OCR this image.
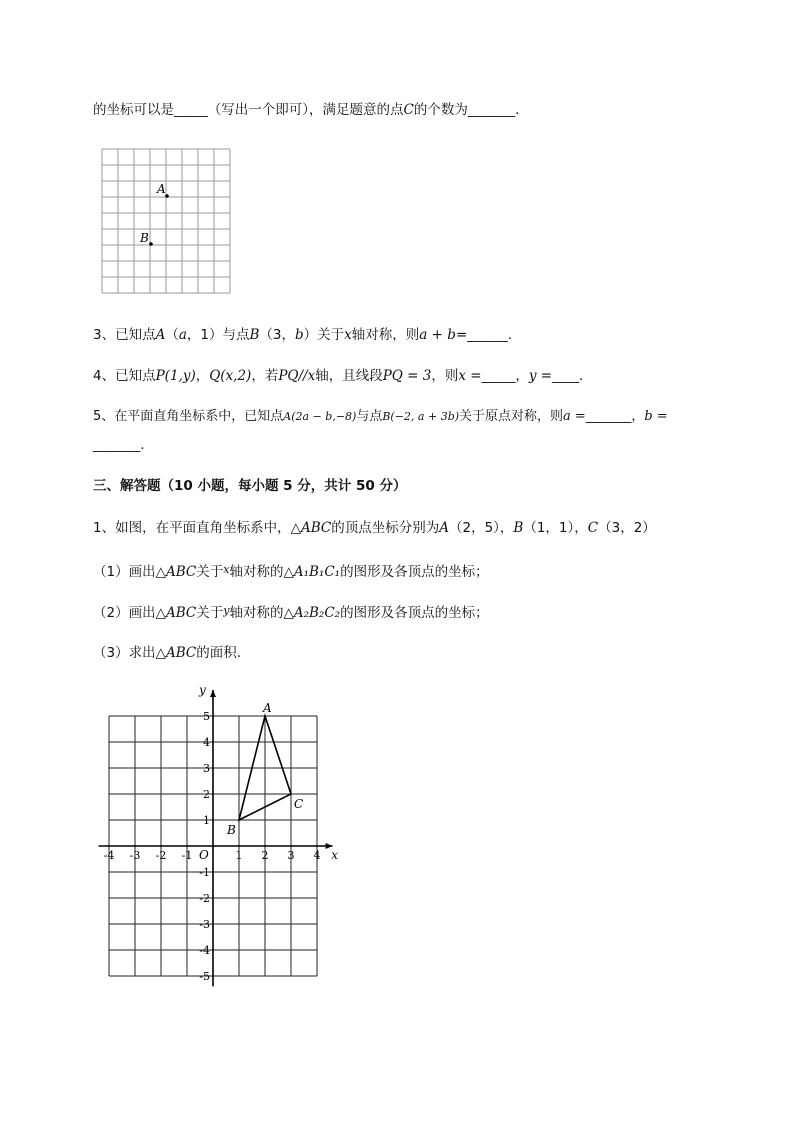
的坐标可以是_____（写出一个即可），满足题意的点C的个数为_______.
A
B
3、已知点A（a，1）与点B（3，b）关于x轴对称，则a + b=______.
4、已知点P(1,y)，Q(x,2)，若PQ//x轴，且线段PQ = 3，则x =_____，y =____.
5、在平面直角坐标系中，已知点A(2a − b,−8)与点B(−2, a + 3b)关于原点对称，则a =_______，b =
_______.
三、解答题（10 小题，每小题 5 分，共计 50 分）
1、如图，在平面直角坐标系中，△ABC的顶点坐标分别为A（2，5），B（1，1），C（3，2）
（1）画出△ABC关于$^x$轴对称的△A₁B₁C₁的图形及各顶点的坐标；
（2）画出△ABC关于$^y$轴对称的△A₂B₂C₂的图形及各顶点的坐标；
（3）求出△ABC的面积.
x
y
O
-4 -3 -2 -1	1 2 3 4
5
4
3
2
1
-1
-2
-3
-4
-5
A
B
C
